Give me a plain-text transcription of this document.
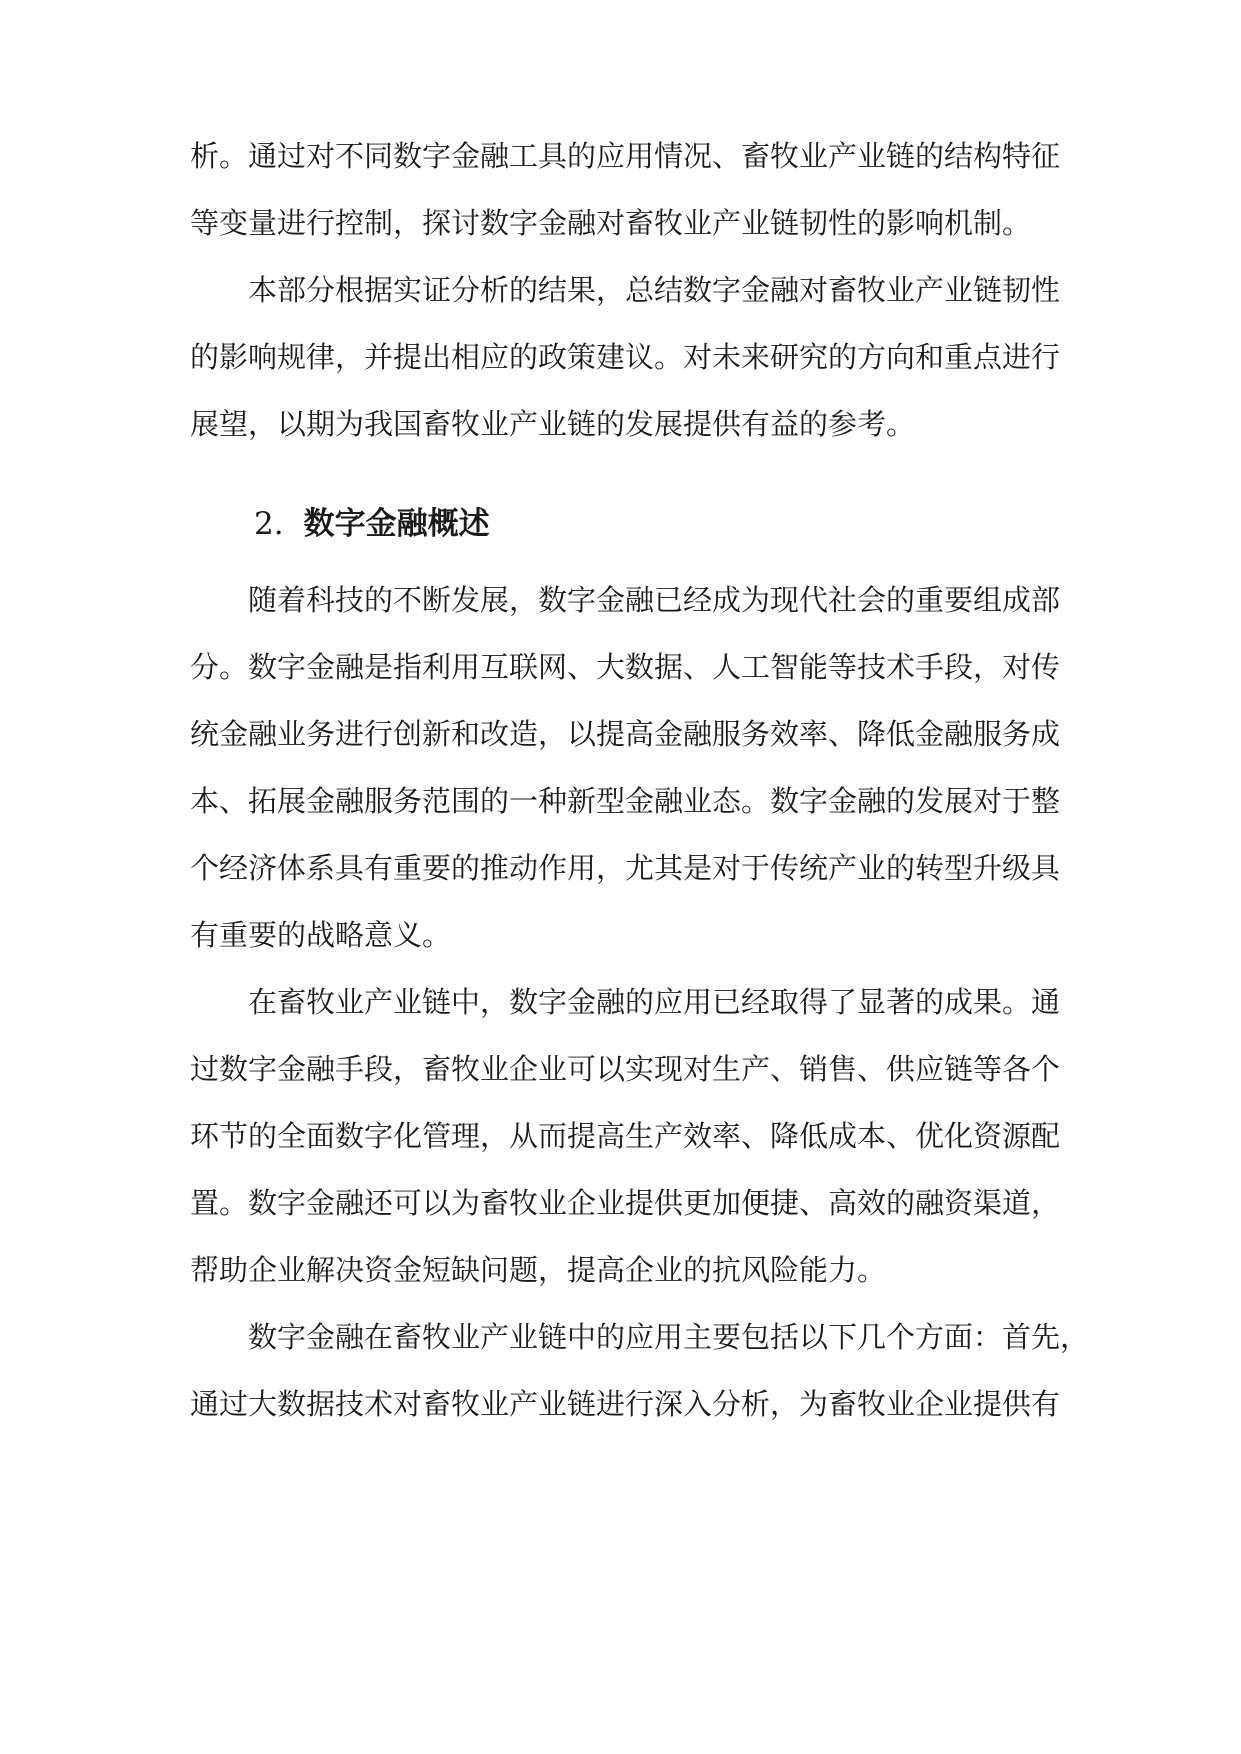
析。通过对不同数字金融工具的应用情况、畜牧业产业链的结构特征
等变量进行控制，探讨数字金融对畜牧业产业链韧性的影响机制。
本部分根据实证分析的结果，总结数字金融对畜牧业产业链韧性
的影响规律，并提出相应的政策建议。对未来研究的方向和重点进行
展望，以期为我国畜牧业产业链的发展提供有益的参考。
2. 数字金融概述
随着科技的不断发展，数字金融已经成为现代社会的重要组成部
分。数字金融是指利用互联网、大数据、人工智能等技术手段，对传
统金融业务进行创新和改造，以提高金融服务效率、降低金融服务成
本、拓展金融服务范围的一种新型金融业态。数字金融的发展对于整
个经济体系具有重要的推动作用，尤其是对于传统产业的转型升级具
有重要的战略意义。
在畜牧业产业链中，数字金融的应用已经取得了显著的成果。通
过数字金融手段，畜牧业企业可以实现对生产、销售、供应链等各个
环节的全面数字化管理，从而提高生产效率、降低成本、优化资源配
置。数字金融还可以为畜牧业企业提供更加便捷、高效的融资渠道，
帮助企业解决资金短缺问题，提高企业的抗风险能力。
数字金融在畜牧业产业链中的应用主要包括以下几个方面：首先，
通过大数据技术对畜牧业产业链进行深入分析，为畜牧业企业提供有
